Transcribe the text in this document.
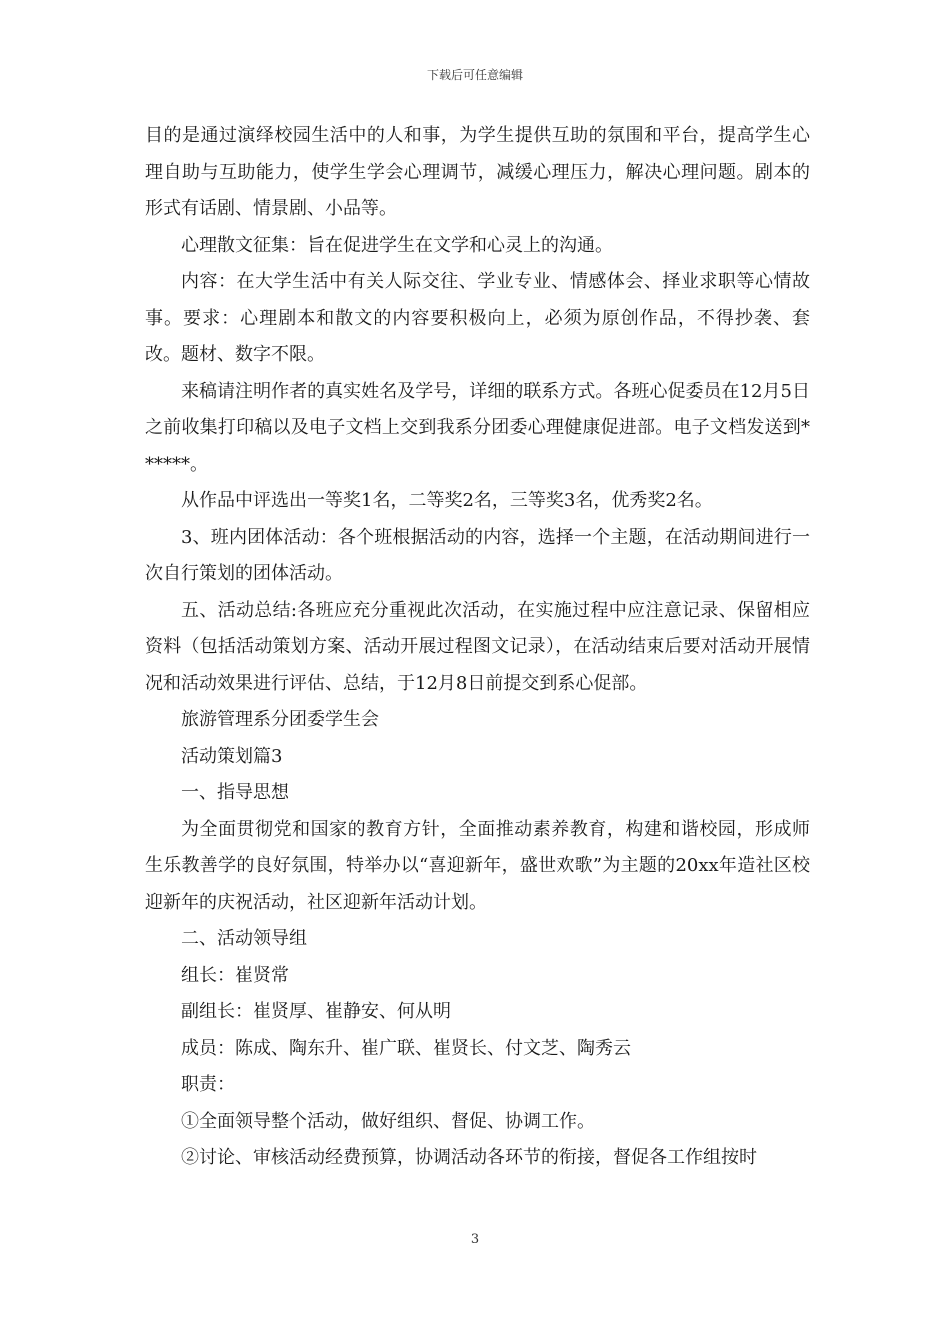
下载后可任意编辑

目的是通过演绎校园生活中的人和事，为学生提供互助的氛围和平台，提高学生心理自助与互助能力，使学生学会心理调节，减缓心理压力，解决心理问题。剧本的形式有话剧、情景剧、小品等。

心理散文征集：旨在促进学生在文学和心灵上的沟通。

内容：在大学生活中有关人际交往、学业专业、情感体会、择业求职等心情故事。要求：心理剧本和散文的内容要积极向上，必须为原创作品，不得抄袭、套改。题材、数字不限。

来稿请注明作者的真实姓名及学号，详细的联系方式。各班心促委员在12月5日之前收集打印稿以及电子文档上交到我系分团委心理健康促进部。电子文档发送到******。

从作品中评选出一等奖1名，二等奖2名，三等奖3名，优秀奖2名。

3、班内团体活动：各个班根据活动的内容，选择一个主题，在活动期间进行一次自行策划的团体活动。

五、活动总结:各班应充分重视此次活动，在实施过程中应注意记录、保留相应资料（包括活动策划方案、活动开展过程图文记录），在活动结束后要对活动开展情况和活动效果进行评估、总结，于12月8日前提交到系心促部。

旅游管理系分团委学生会

活动策划篇3

一、指导思想

为全面贯彻党和国家的教育方针，全面推动素养教育，构建和谐校园，形成师生乐教善学的良好氛围，特举办以“喜迎新年，盛世欢歌”为主题的20xx年造社区校迎新年的庆祝活动，社区迎新年活动计划。

二、活动领导组

组长：崔贤常

副组长：崔贤厚、崔静安、何从明

成员：陈成、陶东升、崔广联、崔贤长、付文芝、陶秀云

职责：

①全面领导整个活动，做好组织、督促、协调工作。

②讨论、审核活动经费预算，协调活动各环节的衔接，督促各工作组按时

3
